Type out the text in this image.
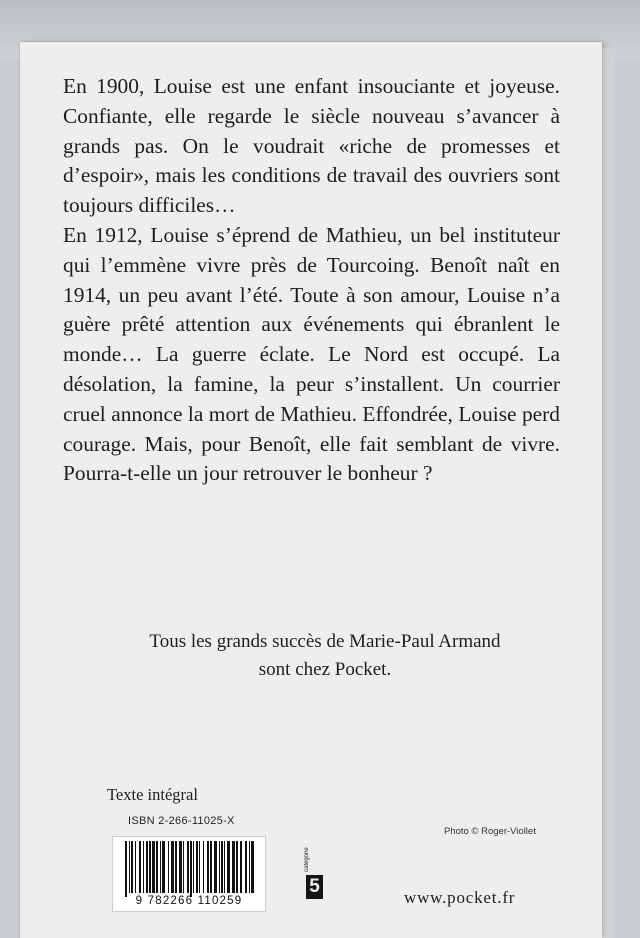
En 1900, Louise est une enfant insouciante et joyeuse. Confiante, elle regarde le siècle nouveau s’avancer à grands pas. On le voudrait «riche de promesses et d’espoir», mais les conditions de travail des ouvriers sont toujours difficiles…

En 1912, Louise s’éprend de Mathieu, un bel instituteur qui l’emmène vivre près de Tourcoing. Benoît naît en 1914, un peu avant l’été. Toute à son amour, Louise n’a guère prêté attention aux événements qui ébranlent le monde… La guerre éclate. Le Nord est occupé. La désolation, la famine, la peur s’installent. Un courrier cruel annonce la mort de Mathieu. Effondrée, Louise perd courage. Mais, pour Benoît, elle fait semblant de vivre. Pourra-t-elle un jour retrouver le bonheur ?

Tous les grands succès de Marie-Paul Armand
sont chez Pocket.

Texte intégral

ISBN 2-266-11025-X

9 782266 110259

catégorie

5

Photo © Roger-Viollet

www.pocket.fr
